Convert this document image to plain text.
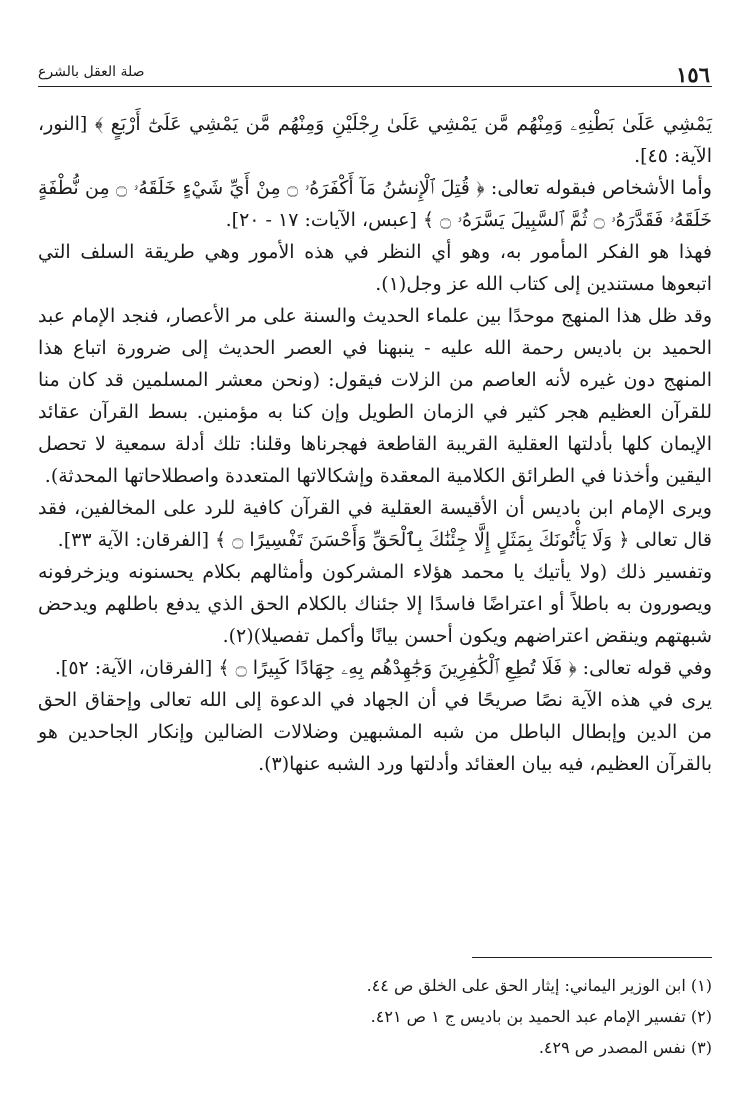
١٥٦
صلة العقل بالشرع

يَمْشِي عَلَىٰ بَطْنِهِۦ وَمِنْهُم مَّن يَمْشِي عَلَىٰ رِجْلَيْنِ وَمِنْهُم مَّن يَمْشِي عَلَىٰٓ أَرْبَعٍ ﴾ [النور، الآية: ٤٥].

وأما الأشخاص فبقوله تعالى: ﴿ قُتِلَ ٱلْإِنسَٰنُ مَآ أَكْفَرَهُۥ ۝ مِنْ أَيِّ شَيْءٍ خَلَقَهُۥ ۝ مِن نُّطْفَةٍ خَلَقَهُۥ فَقَدَّرَهُۥ ۝ ثُمَّ ٱلسَّبِيلَ يَسَّرَهُۥ ۝ ﴾ [عبس، الآيات: ١٧ - ٢٠].

فهذا هو الفكر المأمور به، وهو أي النظر في هذه الأمور وهي طريقة السلف التي اتبعوها مستندين إلى كتاب الله عز وجل(١).

وقد ظل هذا المنهج موحدًا بين علماء الحديث والسنة على مر الأعصار، فنجد الإمام عبد الحميد بن باديس رحمة الله عليه - ينبهنا في العصر الحديث إلى ضرورة اتباع هذا المنهج دون غيره لأنه العاصم من الزلات فيقول: (ونحن معشر المسلمين قد كان منا للقرآن العظيم هجر كثير في الزمان الطويل وإن كنا به مؤمنين. بسط القرآن عقائد الإيمان كلها بأدلتها العقلية القريبة القاطعة فهجرناها وقلنا: تلك أدلة سمعية لا تحصل اليقين وأخذنا في الطرائق الكلامية المعقدة وإشكالاتها المتعددة واصطلاحاتها المحدثة).

ويرى الإمام ابن باديس أن الأقيسة العقلية في القرآن كافية للرد على المخالفين، فقد قال تعالى ﴿ وَلَا يَأْتُونَكَ بِمَثَلٍ إِلَّا جِئْنَٰكَ بِٱلْحَقِّ وَأَحْسَنَ تَفْسِيرًا ۝ ﴾ [الفرقان: الآية ٣٣].

وتفسير ذلك (ولا يأتيك يا محمد هؤلاء المشركون وأمثالهم بكلام يحسنونه ويزخرفونه ويصورون به باطلاً أو اعتراضًا فاسدًا إلا جئناك بالكلام الحق الذي يدفع باطلهم ويدحض شبهتهم وينقض اعتراضهم ويكون أحسن بيانًا وأكمل تفصيلا)(٢).

وفي قوله تعالى: ﴿ فَلَا تُطِعِ ٱلْكَٰفِرِينَ وَجَٰهِدْهُم بِهِۦ جِهَادًا كَبِيرًا ۝ ﴾ [الفرقان، الآية: ٥٢].

يرى في هذه الآية نصًا صريحًا في أن الجهاد في الدعوة إلى الله تعالى وإحقاق الحق من الدين وإبطال الباطل من شبه المشبهين وضلالات الضالين وإنكار الجاحدين هو بالقرآن العظيم، فيه بيان العقائد وأدلتها ورد الشبه عنها(٣).

(١) ابن الوزير اليماني: إيثار الحق على الخلق ص ٤٤.

(٢) تفسير الإمام عبد الحميد بن باديس ج ١ ص ٤٢١.

(٣) نفس المصدر ص ٤٢٩.
